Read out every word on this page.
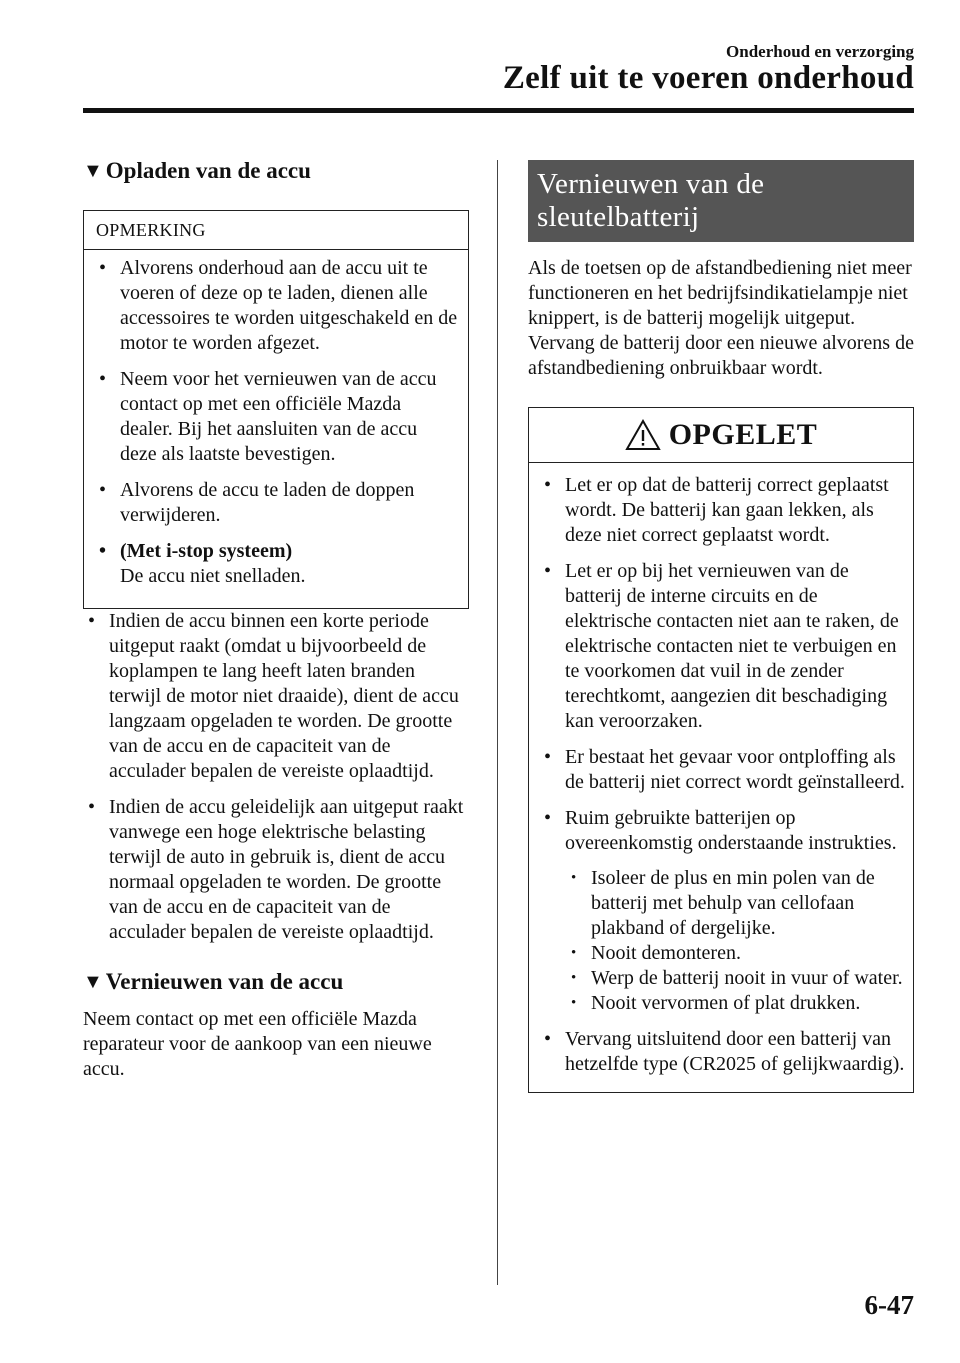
Onderhoud en verzorging
Zelf uit te voeren onderhoud
▼ Opladen van de accu
OPMERKING
• Alvorens onderhoud aan de accu uit te voeren of deze op te laden, dienen alle accessoires te worden uitgeschakeld en de motor te worden afgezet.
• Neem voor het vernieuwen van de accu contact op met een officiële Mazda dealer. Bij het aansluiten van de accu deze als laatste bevestigen.
• Alvorens de accu te laden de doppen verwijderen.
• (Met i-stop systeem)
De accu niet snelladen.
• Indien de accu binnen een korte periode uitgeput raakt (omdat u bijvoorbeeld de koplampen te lang heeft laten branden terwijl de motor niet draaide), dient de accu langzaam opgeladen te worden. De grootte van de accu en de capaciteit van de acculader bepalen de vereiste oplaadtijd.
• Indien de accu geleidelijk aan uitgeput raakt vanwege een hoge elektrische belasting terwijl de auto in gebruik is, dient de accu normaal opgeladen te worden. De grootte van de accu en de capaciteit van de acculader bepalen de vereiste oplaadtijd.
▼ Vernieuwen van de accu

Neem contact op met een officiële Mazda reparateur voor de aankoop van een nieuwe accu.

Vernieuwen van de sleutelbatterij

Als de toetsen op de afstandbediening niet meer functioneren en het bedrijfsindikatielampje niet knippert, is de batterij mogelijk uitgeput.
Vervang de batterij door een nieuwe alvorens de afstandbediening onbruikbaar wordt.

OPGELET
• Let er op dat de batterij correct geplaatst wordt. De batterij kan gaan lekken, als deze niet correct geplaatst wordt.
• Let er op bij het vernieuwen van de batterij de interne circuits en de elektrische contacten niet aan te raken, de elektrische contacten niet te verbuigen en te voorkomen dat vuil in de zender terechtkomt, aangezien dit beschadiging kan veroorzaken.
• Er bestaat het gevaar voor ontploffing als de batterij niet correct wordt geïnstalleerd.
• Ruim gebruikte batterijen op overeenkomstig onderstaande instrukties.
• Isoleer de plus en min polen van de batterij met behulp van cellofaan plakband of dergelijke.
• Nooit demonteren.
• Werp de batterij nooit in vuur of water.
• Nooit vervormen of plat drukken.
• Vervang uitsluitend door een batterij van hetzelfde type (CR2025 of gelijkwaardig).
6-47
